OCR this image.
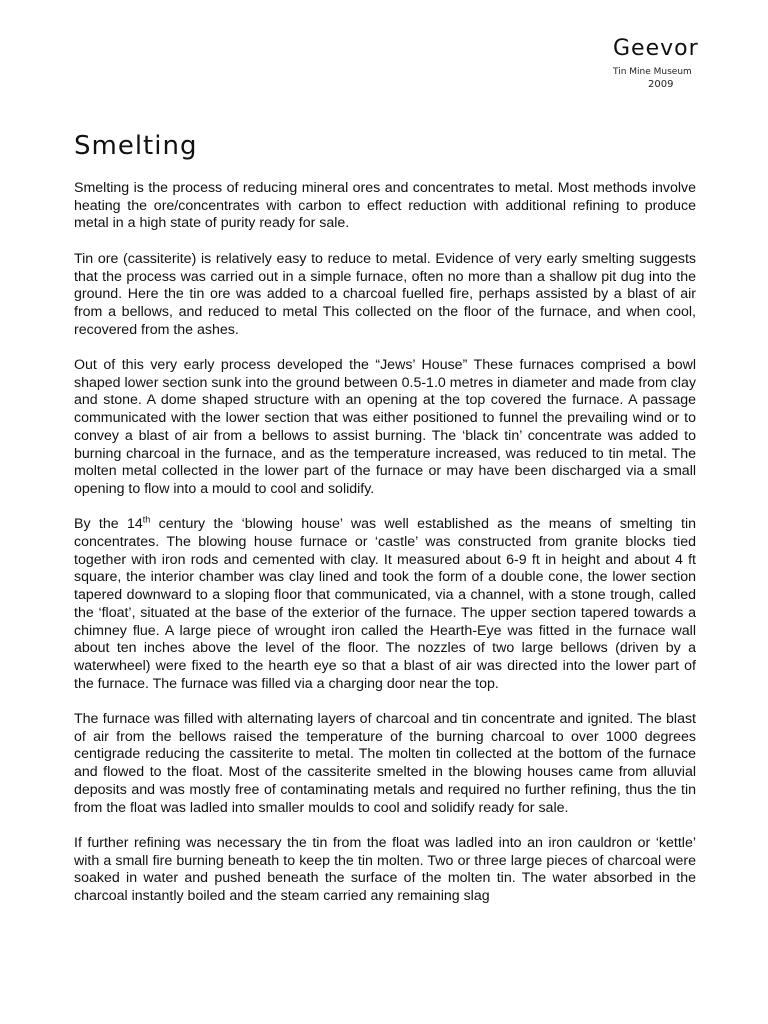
Geevor
Tin Mine Museum
2009
Smelting

Smelting is the process of reducing mineral ores and concentrates to metal. Most methods involve heating the ore/concentrates with carbon to effect reduction with additional refining to produce metal in a high state of purity ready for sale.

Tin ore (cassiterite) is relatively easy to reduce to metal. Evidence of very early smelting suggests that the process was carried out in a simple furnace, often no more than a shallow pit dug into the ground. Here the tin ore was added to a charcoal fuelled fire, perhaps assisted by a blast of air from a bellows, and reduced to metal This collected on the floor of the furnace, and when cool, recovered from the ashes.

Out of this very early process developed the “Jews’ House” These furnaces comprised a bowl shaped lower section sunk into the ground between 0.5-1.0 metres in diameter and made from clay and stone. A dome shaped structure with an opening at the top covered the furnace. A passage communicated with the lower section that was either positioned to funnel the prevailing wind or to convey a blast of air from a bellows to assist burning. The ‘black tin’ concentrate was added to burning charcoal in the furnace, and as the temperature increased, was reduced to tin metal. The molten metal collected in the lower part of the furnace or may have been discharged via a small opening to flow into a mould to cool and solidify.

By the 14th century the ‘blowing house’ was well established as the means of smelting tin concentrates. The blowing house furnace or ‘castle’ was constructed from granite blocks tied together with iron rods and cemented with clay. It measured about 6-9 ft in height and about 4 ft square, the interior chamber was clay lined and took the form of a double cone, the lower section tapered downward to a sloping floor that communicated, via a channel, with a stone trough, called the ‘float’, situated at the base of the exterior of the furnace. The upper section tapered towards a chimney flue. A large piece of wrought iron called the Hearth-Eye was fitted in the furnace wall about ten inches above the level of the floor. The nozzles of two large bellows (driven by a waterwheel) were fixed to the hearth eye so that a blast of air was directed into the lower part of the furnace. The furnace was filled via a charging door near the top.

The furnace was filled with alternating layers of charcoal and tin concentrate and ignited. The blast of air from the bellows raised the temperature of the burning charcoal to over 1000 degrees centigrade reducing the cassiterite to metal. The molten tin collected at the bottom of the furnace and flowed to the float. Most of the cassiterite smelted in the blowing houses came from alluvial deposits and was mostly free of contaminating metals and required no further refining, thus the tin from the float was ladled into smaller moulds to cool and solidify ready for sale.

If further refining was necessary the tin from the float was ladled into an iron cauldron or ‘kettle’ with a small fire burning beneath to keep the tin molten. Two or three large pieces of charcoal were soaked in water and pushed beneath the surface of the molten tin. The water absorbed in the charcoal instantly boiled and the steam carried any remaining slag
